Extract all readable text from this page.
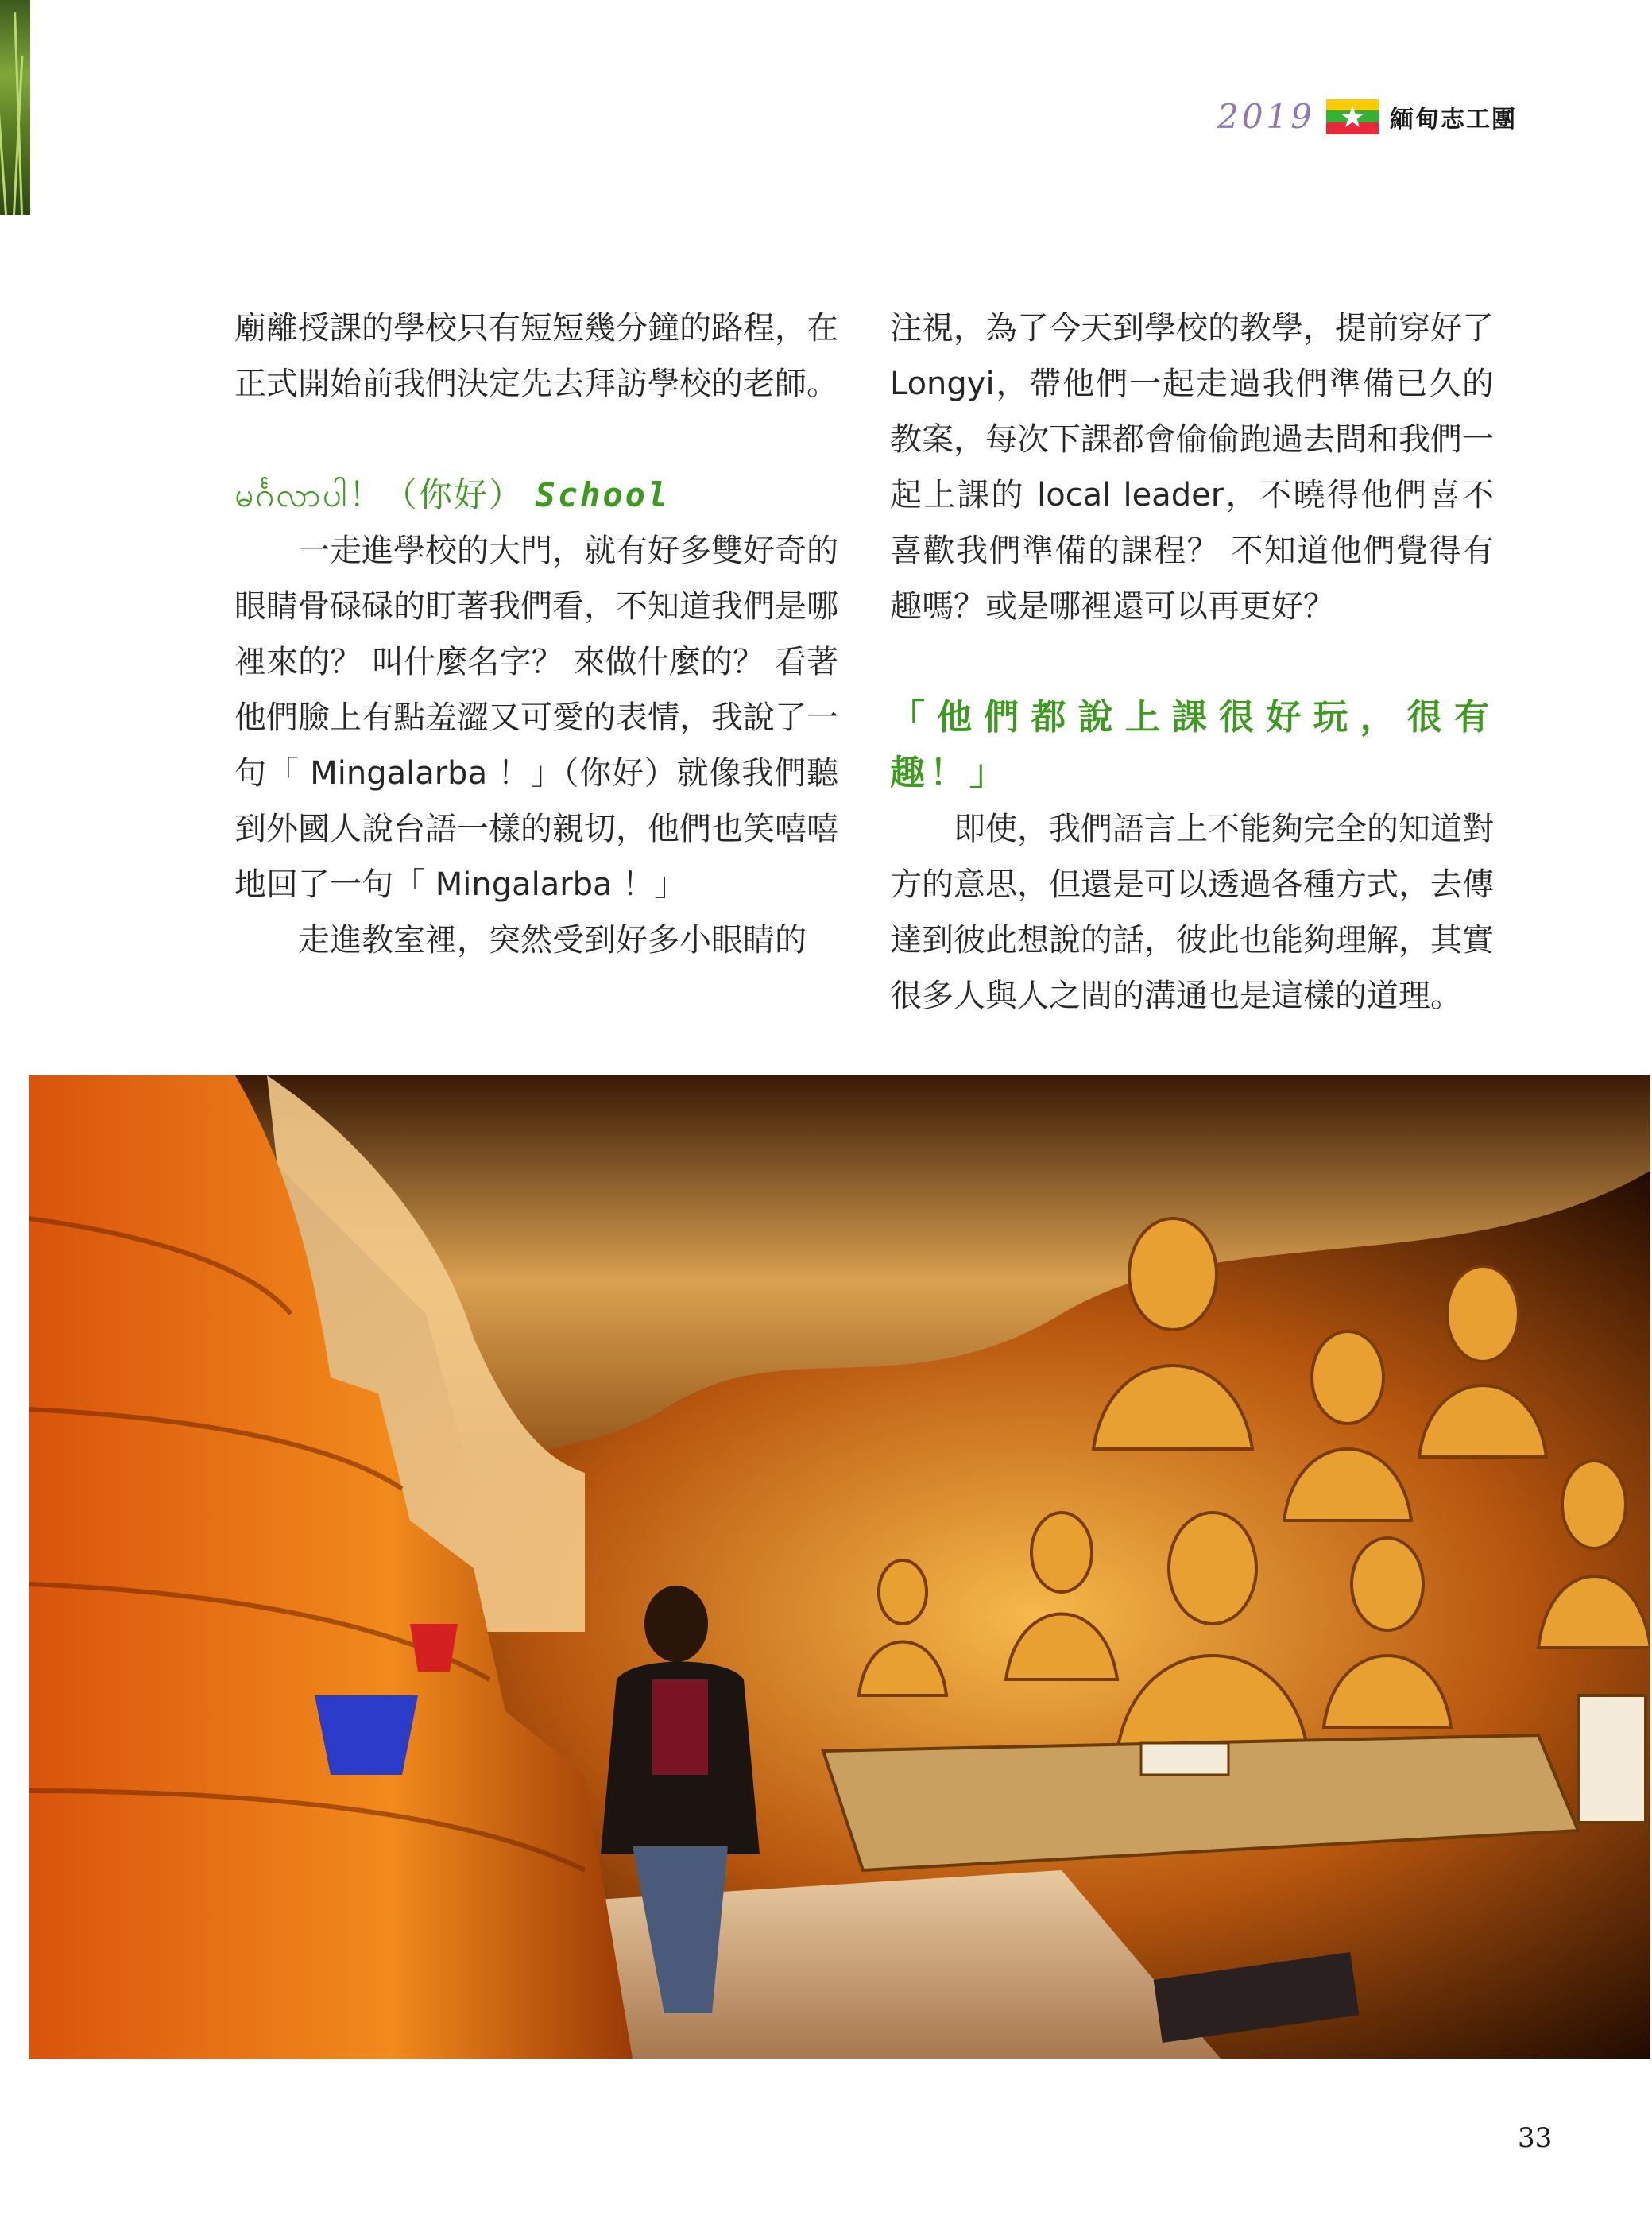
2019 ★ 緬甸志工團

廟離授課的學校只有短短幾分鐘的路程，在正式開始前我們決定先去拜訪學校的老師。

မင်္ဂလာပါ！（你好） School

一走進學校的大門，就有好多雙好奇的眼睛骨碌碌的盯著我們看，不知道我們是哪裡來的？ 叫什麼名字？ 來做什麼的？ 看著他們臉上有點羞澀又可愛的表情，我說了一句「 Mingalarba ！」（你好）就像我們聽到外國人說台語一樣的親切，他們也笑嘻嘻地回了一句「 Mingalarba ！」

走進教室裡，突然受到好多小眼睛的

注視，為了今天到學校的教學，提前穿好了 Longyi，帶他們一起走過我們準備已久的教案，每次下課都會偷偷跑過去問和我們一起上課的 local leader，不曉得他們喜不喜歡我們準備的課程？ 不知道他們覺得有趣嗎？或是哪裡還可以再更好？

「他們都說上課很好玩，很有趣！」

即使，我們語言上不能夠完全的知道對方的意思，但還是可以透過各種方式，去傳達到彼此想說的話，彼此也能夠理解，其實很多人與人之間的溝通也是這樣的道理。

33
